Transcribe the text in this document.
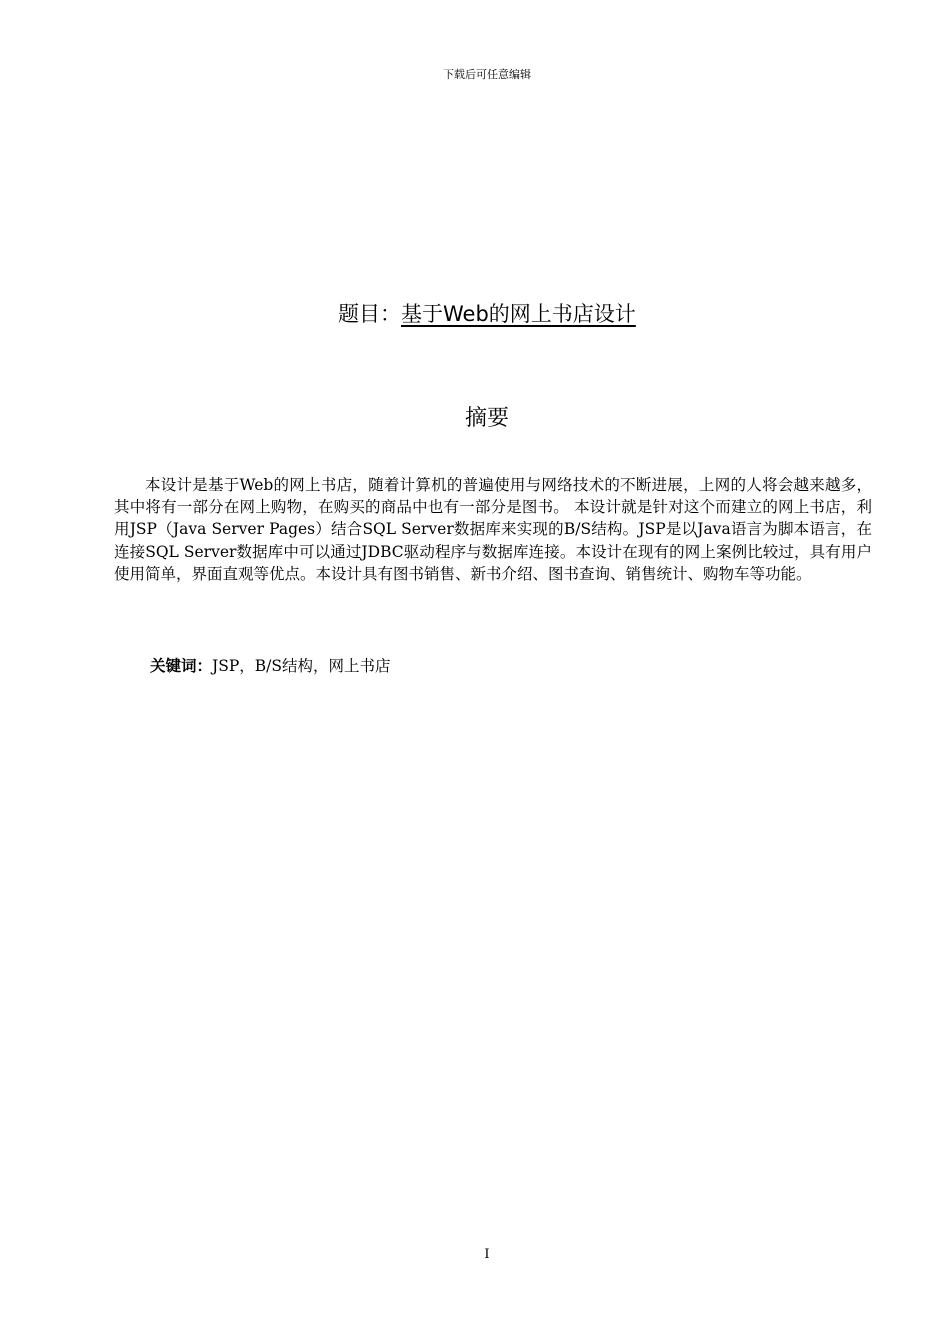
下载后可任意编辑
题目：基于Web的网上书店设计
摘要

本设计是基于Web的网上书店，随着计算机的普遍使用与网络技术的不断进展，上网的人将会越来越多，其中将有一部分在网上购物，在购买的商品中也有一部分是图书。 本设计就是针对这个而建立的网上书店，利用JSP（Java Server Pages）结合SQL Server数据库来实现的B/S结构。JSP是以Java语言为脚本语言，在连接SQL Server数据库中可以通过JDBC驱动程序与数据库连接。本设计在现有的网上案例比较过，具有用户使用简单，界面直观等优点。本设计具有图书销售、新书介绍、图书查询、销售统计、购物车等功能。

关键词：JSP，B/S结构，网上书店
I
